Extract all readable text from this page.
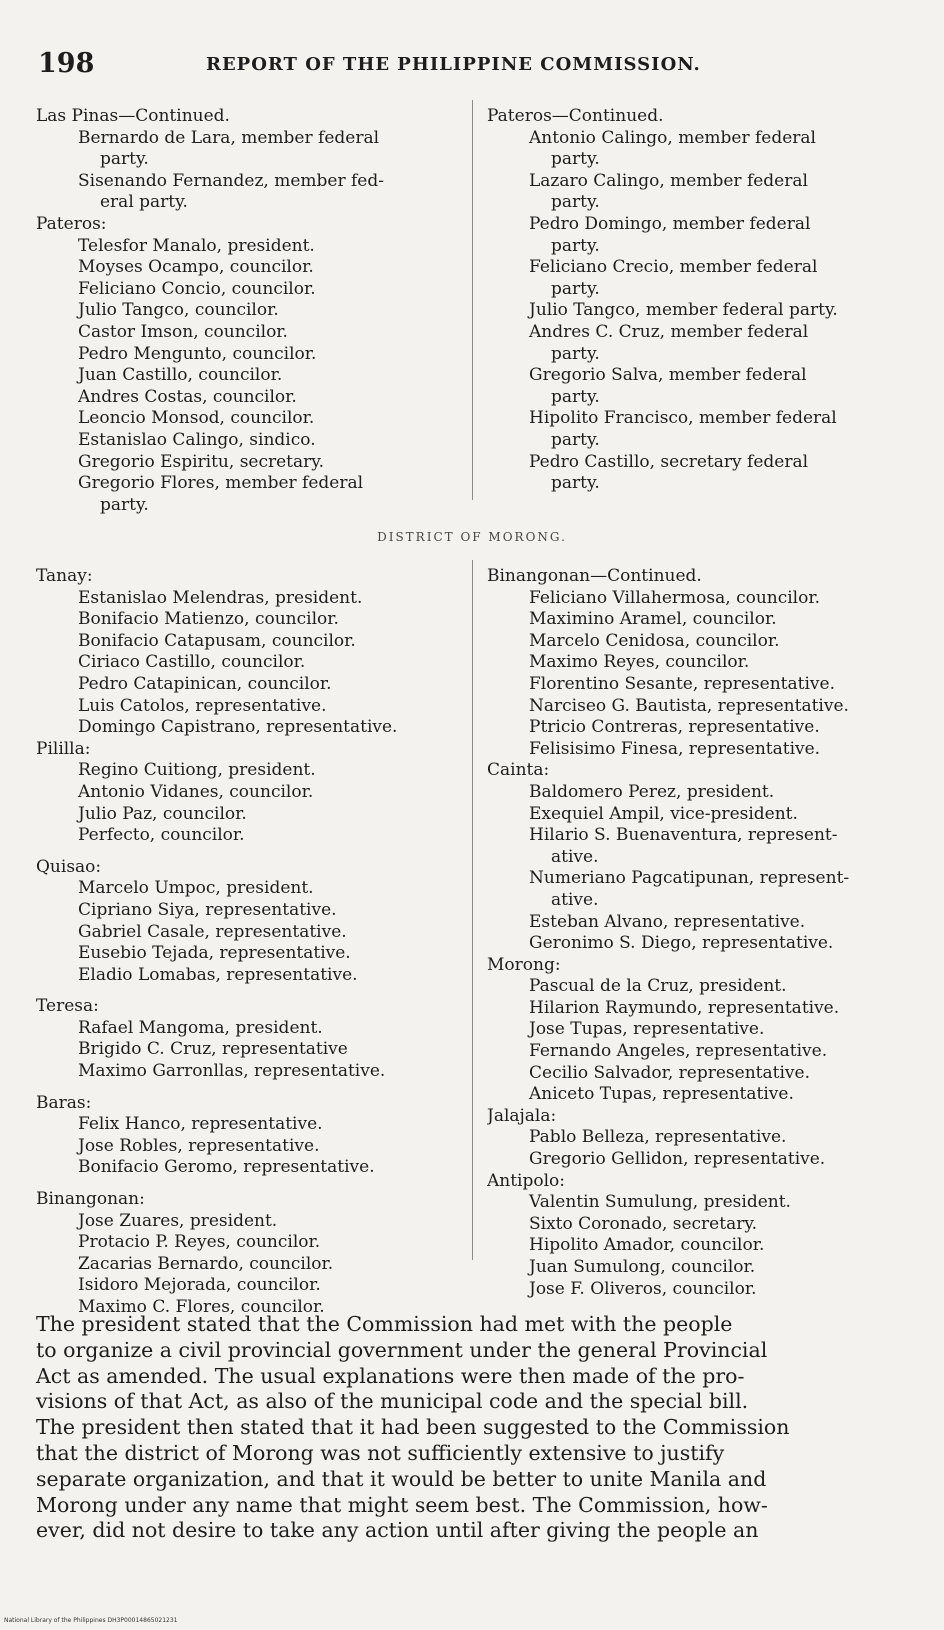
198	REPORT OF THE PHILIPPINE COMMISSION.
Las Pinas—Continued.
Bernardo de Lara, member federal
party.
Sisenando Fernandez, member fed-
eral party.
Pateros:
Telesfor Manalo, president.
Moyses Ocampo, councilor.
Feliciano Concio, councilor.
Julio Tangco, councilor.
Castor Imson, councilor.
Pedro Mengunto, councilor.
Juan Castillo, councilor.
Andres Costas, councilor.
Leoncio Monsod, councilor.
Estanislao Calingo, sindico.
Gregorio Espiritu, secretary.
Gregorio Flores, member federal
party.
Pateros—Continued.
Antonio Calingo, member federal
party.
Lazaro Calingo, member federal
party.
Pedro Domingo, member federal
party.
Feliciano Crecio, member federal
party.
Julio Tangco, member federal party.
Andres C. Cruz, member federal
party.
Gregorio Salva, member federal
party.
Hipolito Francisco, member federal
party.
Pedro Castillo, secretary federal
party.
DISTRICT OF MORONG.
Tanay:
Estanislao Melendras, president.
Bonifacio Matienzo, councilor.
Bonifacio Catapusam, councilor.
Ciriaco Castillo, councilor.
Pedro Catapinican, councilor.
Luis Catolos, representative.
Domingo Capistrano, representative.
Pililla:
Regino Cuitiong, president.
Antonio Vidanes, councilor.
Julio Paz, councilor.
Perfecto, councilor.
Quisao:
Marcelo Umpoc, president.
Cipriano Siya, representative.
Gabriel Casale, representative.
Eusebio Tejada, representative.
Eladio Lomabas, representative.
Teresa:
Rafael Mangoma, president.
Brigido C. Cruz, representative
Maximo Garronllas, representative.
Baras:
Felix Hanco, representative.
Jose Robles, representative.
Bonifacio Geromo, representative.
Binangonan:
Jose Zuares, president.
Protacio P. Reyes, councilor.
Zacarias Bernardo, councilor.
Isidoro Mejorada, councilor.
Maximo C. Flores, councilor.
Binangonan—Continued.
Feliciano Villahermosa, councilor.
Maximino Aramel, councilor.
Marcelo Cenidosa, councilor.
Maximo Reyes, councilor.
Florentino Sesante, representative.
Narciseo G. Bautista, representative.
Ptricio Contreras, representative.
Felisisimo Finesa, representative.
Cainta:
Baldomero Perez, president.
Exequiel Ampil, vice-president.
Hilario S. Buenaventura, represent-
ative.
Numeriano Pagcatipunan, represent-
ative.
Esteban Alvano, representative.
Geronimo S. Diego, representative.
Morong:
Pascual de la Cruz, president.
Hilarion Raymundo, representative.
Jose Tupas, representative.
Fernando Angeles, representative.
Cecilio Salvador, representative.
Aniceto Tupas, representative.
Jalajala:
Pablo Belleza, representative.
Gregorio Gellidon, representative.
Antipolo:
Valentin Sumulung, president.
Sixto Coronado, secretary.
Hipolito Amador, councilor.
Juan Sumulong, councilor.
Jose F. Oliveros, councilor.
The president stated that the Commission had met with the people
to organize a civil provincial government under the general Provincial
Act as amended. The usual explanations were then made of the pro-
visions of that Act, as also of the municipal code and the special bill.
The president then stated that it had been suggested to the Commission
that the district of Morong was not sufficiently extensive to justify
separate organization, and that it would be better to unite Manila and
Morong under any name that might seem best. The Commission, how-
ever, did not desire to take any action until after giving the people an
National Library of the Philippines DH3P00014865021231
